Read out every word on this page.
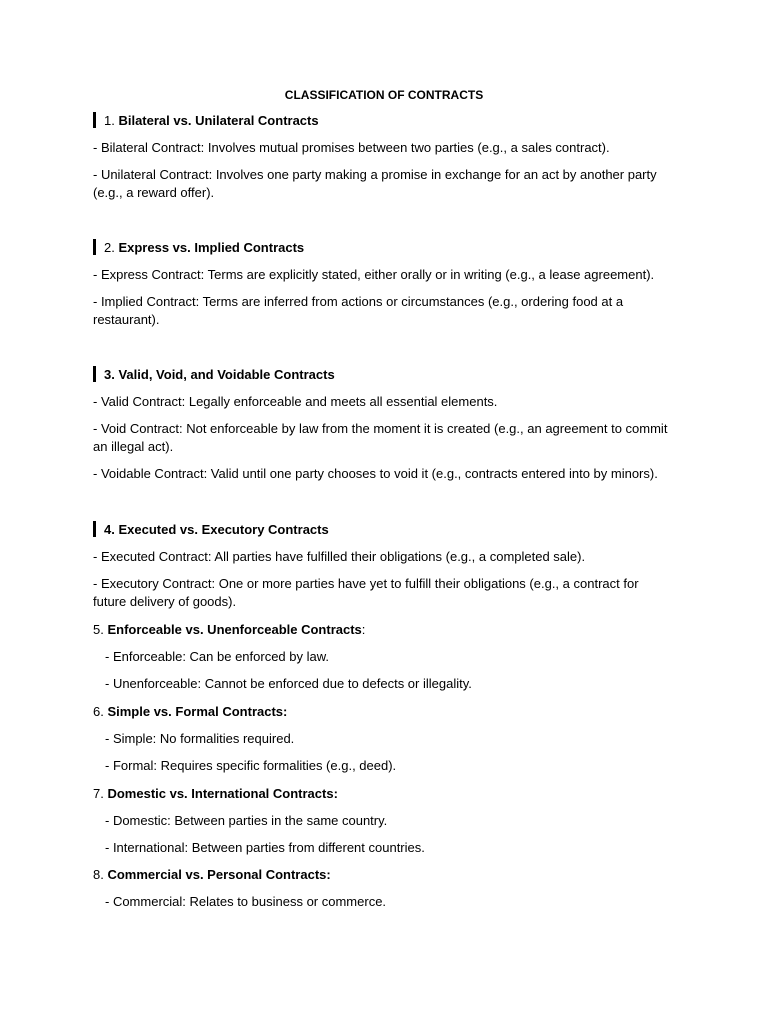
CLASSIFICATION OF CONTRACTS
1. Bilateral vs. Unilateral Contracts
- Bilateral Contract: Involves mutual promises between two parties (e.g., a sales contract).
- Unilateral Contract: Involves one party making a promise in exchange for an act by another party (e.g., a reward offer).
2. Express vs. Implied Contracts
- Express Contract: Terms are explicitly stated, either orally or in writing (e.g., a lease agreement).
- Implied Contract: Terms are inferred from actions or circumstances (e.g., ordering food at a restaurant).
3. Valid, Void, and Voidable Contracts
- Valid Contract: Legally enforceable and meets all essential elements.
- Void Contract: Not enforceable by law from the moment it is created (e.g., an agreement to commit an illegal act).
- Voidable Contract: Valid until one party chooses to void it (e.g., contracts entered into by minors).
4. Executed vs. Executory Contracts
- Executed Contract: All parties have fulfilled their obligations (e.g., a completed sale).
- Executory Contract: One or more parties have yet to fulfill their obligations (e.g., a contract for future delivery of goods).
5. Enforceable vs. Unenforceable Contracts:
- Enforceable: Can be enforced by law.
- Unenforceable: Cannot be enforced due to defects or illegality.
6. Simple vs. Formal Contracts:
- Simple: No formalities required.
- Formal: Requires specific formalities (e.g., deed).
7. Domestic vs. International Contracts:
- Domestic: Between parties in the same country.
- International: Between parties from different countries.
8. Commercial vs. Personal Contracts:
- Commercial: Relates to business or commerce.
